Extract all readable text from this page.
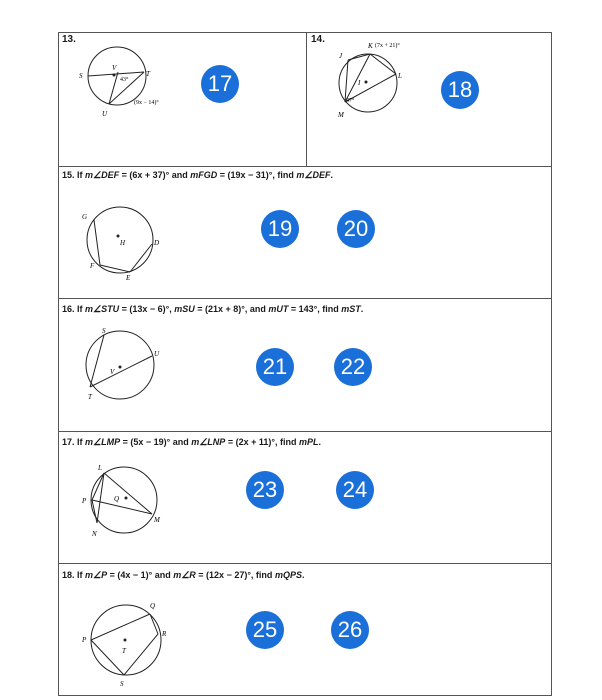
13.
S
V
T
U
43°
(9x − 14)°
17
14.
K (7x + 21)°
J
L
M
I
47°	18
15. If m∠DEF = (6x + 37)° and mFGD = (19x − 31)°, find m∠DEF.
G
H	D
F
E
19	20
16. If m∠STU = (13x − 6)°, mSU = (21x + 8)°, and mUT = 143°, find mST.
S
U
V
T
21	22
17. If m∠LMP = (5x − 19)° and m∠LNP = (2x + 11)°, find mPL.
L
P	Q
M
N
23	24
18. If m∠P = (4x − 1)° and m∠R = (12x − 27)°, find mQPS.
Q
R
P
T
S
25	26
